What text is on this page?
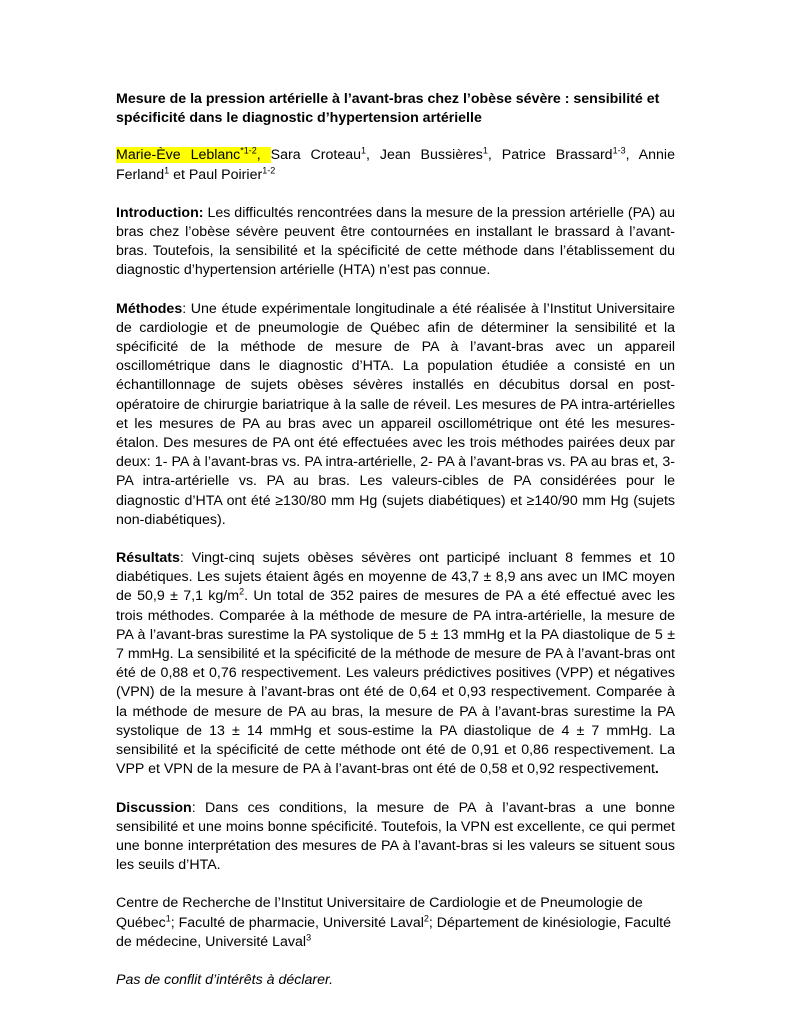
Mesure de la pression artérielle à l’avant-bras chez l’obèse sévère : sensibilité et spécificité dans le diagnostic d’hypertension artérielle
Marie-Ève Leblanc$^{*1-2}$, Sara Croteau$^1$, Jean Bussières$^1$, Patrice Brassard$^{1-3}$, Annie Ferland$^1$ et Paul Poirier$^{1-2}$

Introduction: Les difficultés rencontrées dans la mesure de la pression artérielle (PA) au bras chez l’obèse sévère peuvent être contournées en installant le brassard à l’avant-bras. Toutefois, la sensibilité et la spécificité de cette méthode dans l’établissement du diagnostic d’hypertension artérielle (HTA) n’est pas connue.

Méthodes: Une étude expérimentale longitudinale a été réalisée à l’Institut Universitaire de cardiologie et de pneumologie de Québec afin de déterminer la sensibilité et la spécificité de la méthode de mesure de PA à l’avant-bras avec un appareil oscillométrique dans le diagnostic d’HTA. La population étudiée a consisté en un échantillonnage de sujets obèses sévères installés en décubitus dorsal en post-opératoire de chirurgie bariatrique à la salle de réveil. Les mesures de PA intra-artérielles et les mesures de PA au bras avec un appareil oscillométrique ont été les mesures-étalon. Des mesures de PA ont été effectuées avec les trois méthodes pairées deux par deux: 1- PA à l’avant-bras vs. PA intra-artérielle, 2- PA à l’avant-bras vs. PA au bras et, 3- PA intra-artérielle vs. PA au bras. Les valeurs-cibles de PA considérées pour le diagnostic d’HTA ont été ≥130/80 mm Hg (sujets diabétiques) et ≥140/90 mm Hg (sujets non-diabétiques).

Résultats: Vingt-cinq sujets obèses sévères ont participé incluant 8 femmes et 10 diabétiques. Les sujets étaient âgés en moyenne de 43,7 ± 8,9 ans avec un IMC moyen de 50,9 ± 7,1 $kg/m^2$. Un total de 352 paires de mesures de PA a été effectué avec les trois méthodes. Comparée à la méthode de mesure de PA intra-artérielle, la mesure de PA à l’avant-bras surestime la PA systolique de 5 ± 13 mmHg et la PA diastolique de 5 ± 7 mmHg. La sensibilité et la spécificité de la méthode de mesure de PA à l’avant-bras ont été de 0,88 et 0,76 respectivement. Les valeurs prédictives positives (VPP) et négatives (VPN) de la mesure à l’avant-bras ont été de 0,64 et 0,93 respectivement. Comparée à la méthode de mesure de PA au bras, la mesure de PA à l’avant-bras surestime la PA systolique de 13 ± 14 mmHg et sous-estime la PA diastolique de 4 ± 7 mmHg. La sensibilité et la spécificité de cette méthode ont été de 0,91 et 0,86 respectivement. La VPP et VPN de la mesure de PA à l’avant-bras ont été de 0,58 et 0,92 respectivement.

Discussion: Dans ces conditions, la mesure de PA à l’avant-bras a une bonne sensibilité et une moins bonne spécificité. Toutefois, la VPN est excellente, ce qui permet une bonne interprétation des mesures de PA à l’avant-bras si les valeurs se situent sous les seuils d’HTA.

Centre de Recherche de l’Institut Universitaire de Cardiologie et de Pneumologie de Québec$^1$; Faculté de pharmacie, Université Laval$^2$; Département de kinésiologie, Faculté de médecine, Université Laval$^3$

Pas de conflit d’intérêts à déclarer.
